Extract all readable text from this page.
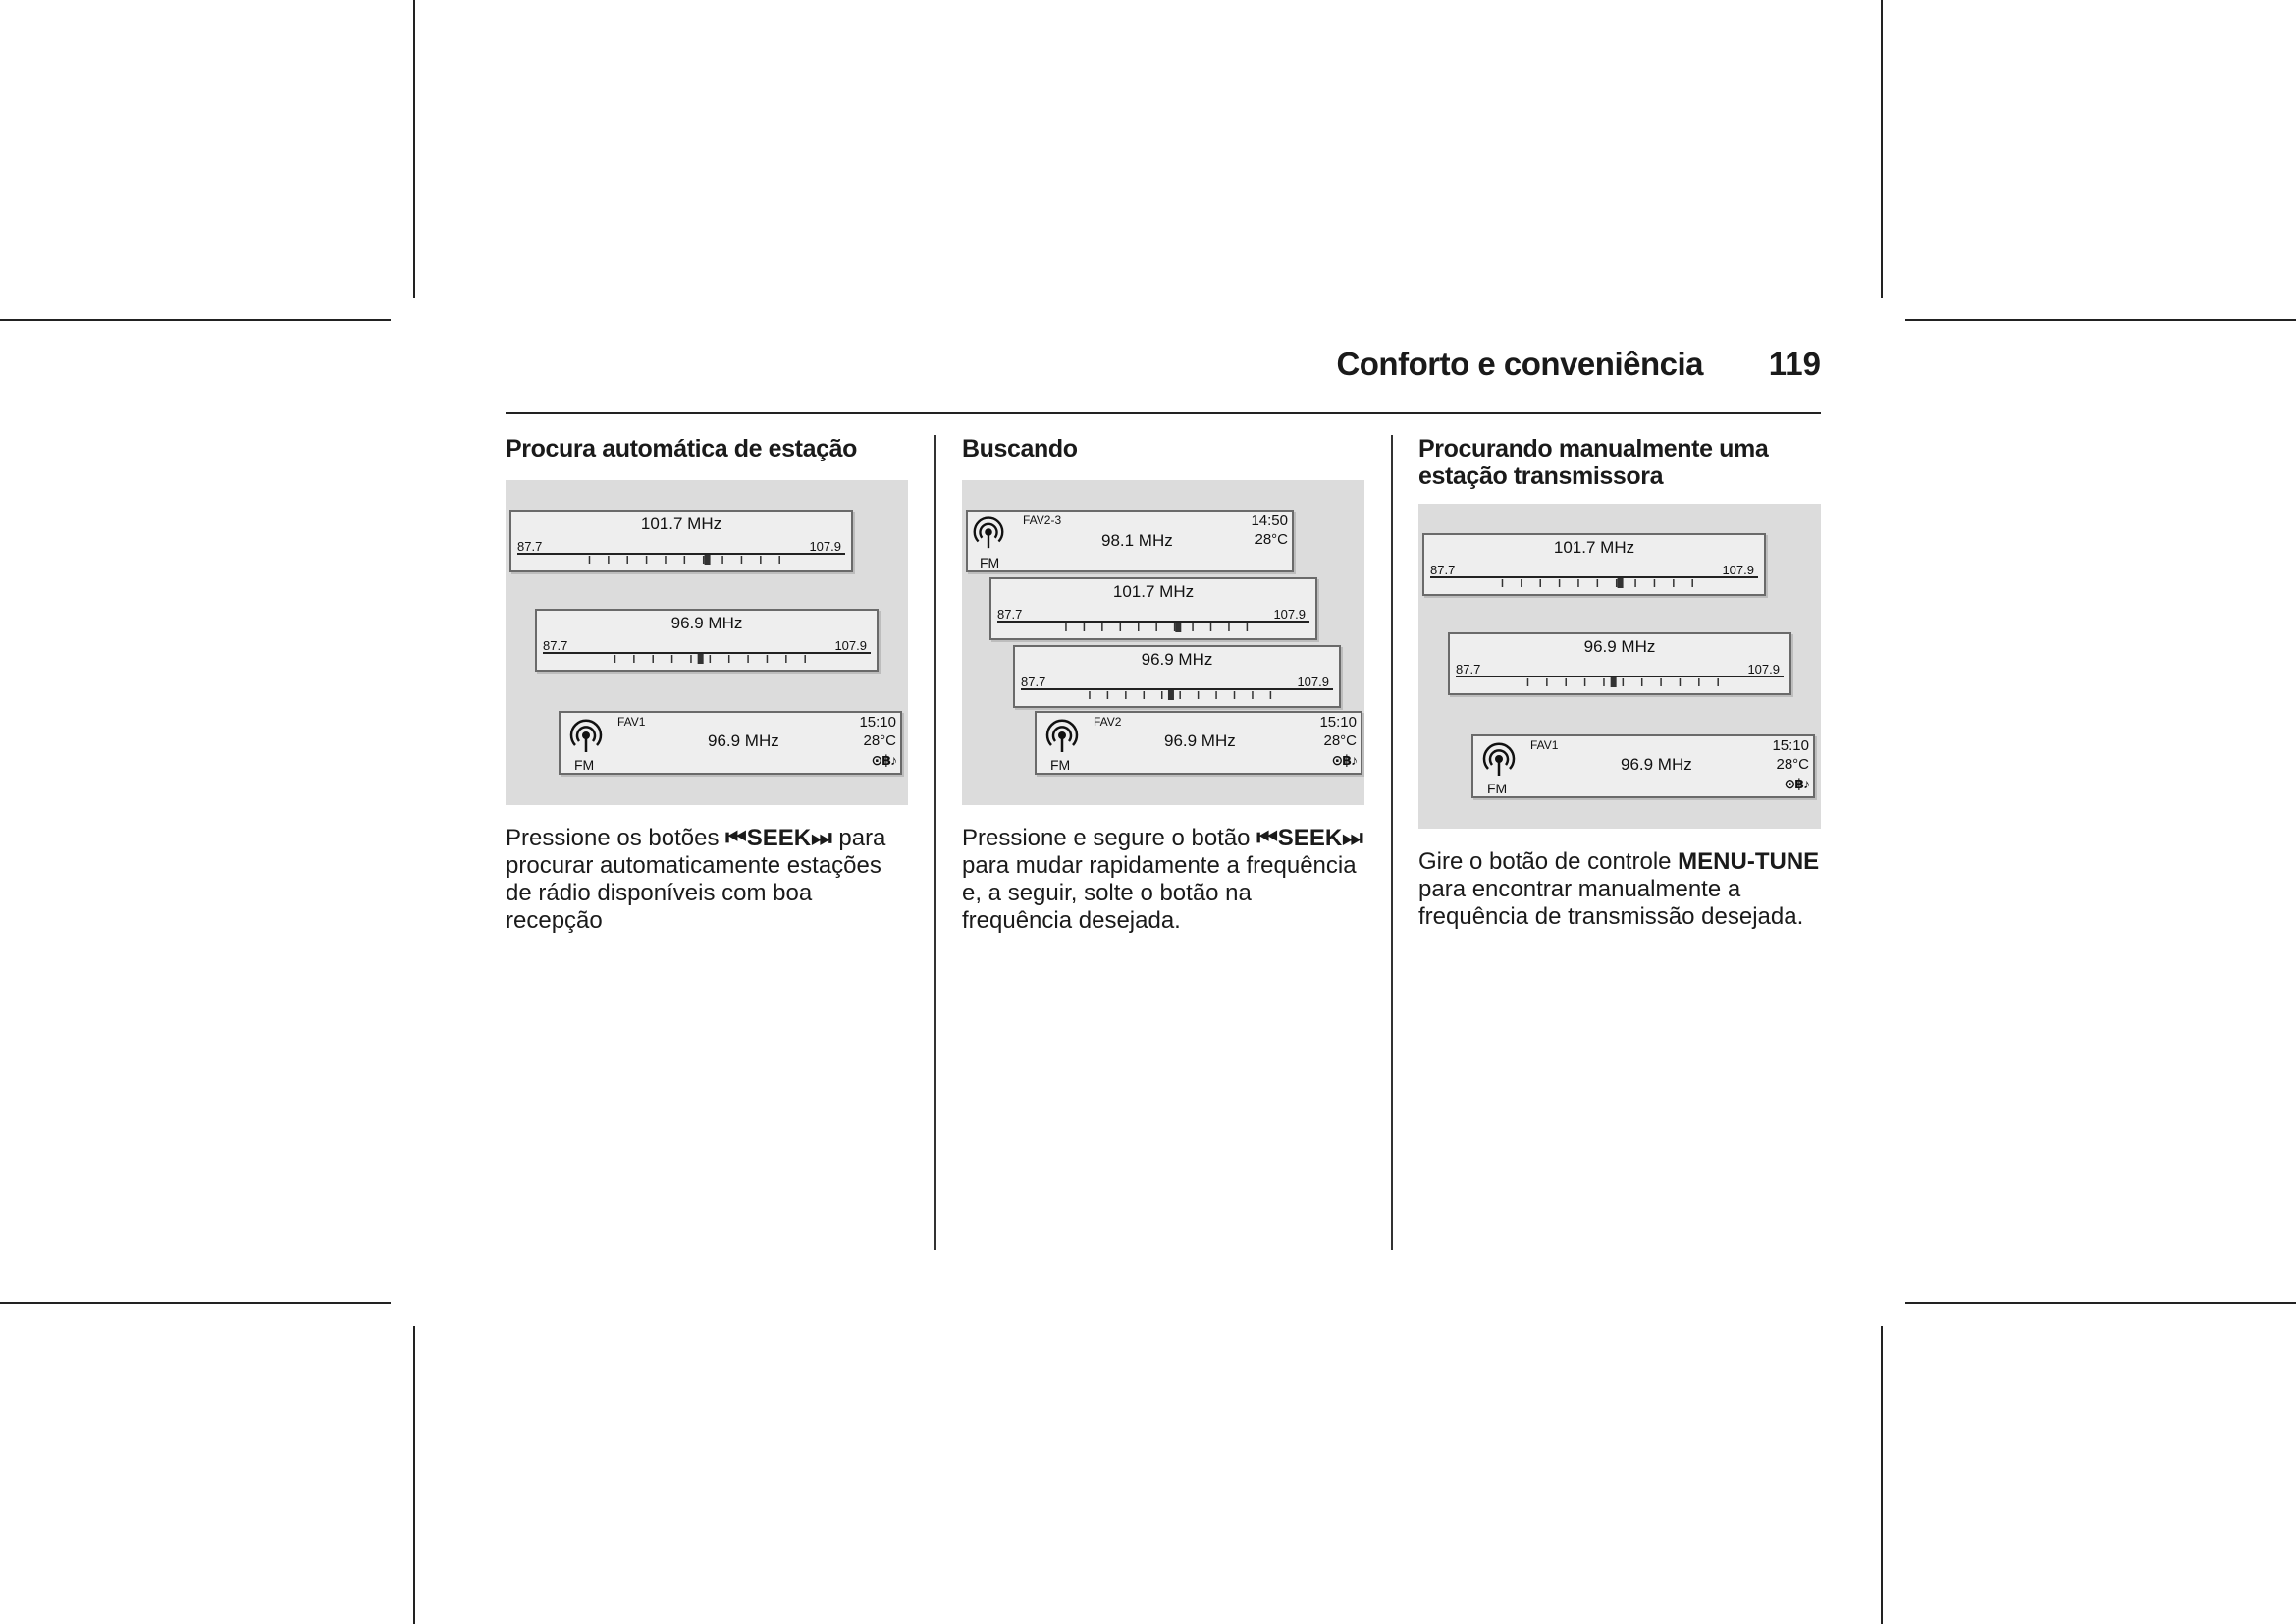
Conforto e conveniência 119
Procura automática de estação
101.7 MHz
87.7	107.9
96.9 MHz
87.7	107.9
FM
FAV1
96.9 MHz
15:10
28°C
⊙฿♪

Pressione os botões ⏮SEEK⏭ para procurar automaticamente estações de rádio disponíveis com boa recepção

Buscando
FM
FAV2-3
98.1 MHz
14:50
28°C
101.7 MHz
87.7	107.9
96.9 MHz
87.7	107.9
FM
FAV2
96.9 MHz
15:10
28°C
⊙฿♪

Pressione e segure o botão ⏮SEEK⏭ para mudar rapidamente a frequência e, a seguir, solte o botão na frequência desejada.

Procurando manualmente uma estação transmissora
101.7 MHz
87.7	107.9
96.9 MHz
87.7	107.9
FM
FAV1
96.9 MHz
15:10
28°C
⊙฿♪

Gire o botão de controle MENU-TUNE para encontrar manualmente a frequência de transmissão desejada.
